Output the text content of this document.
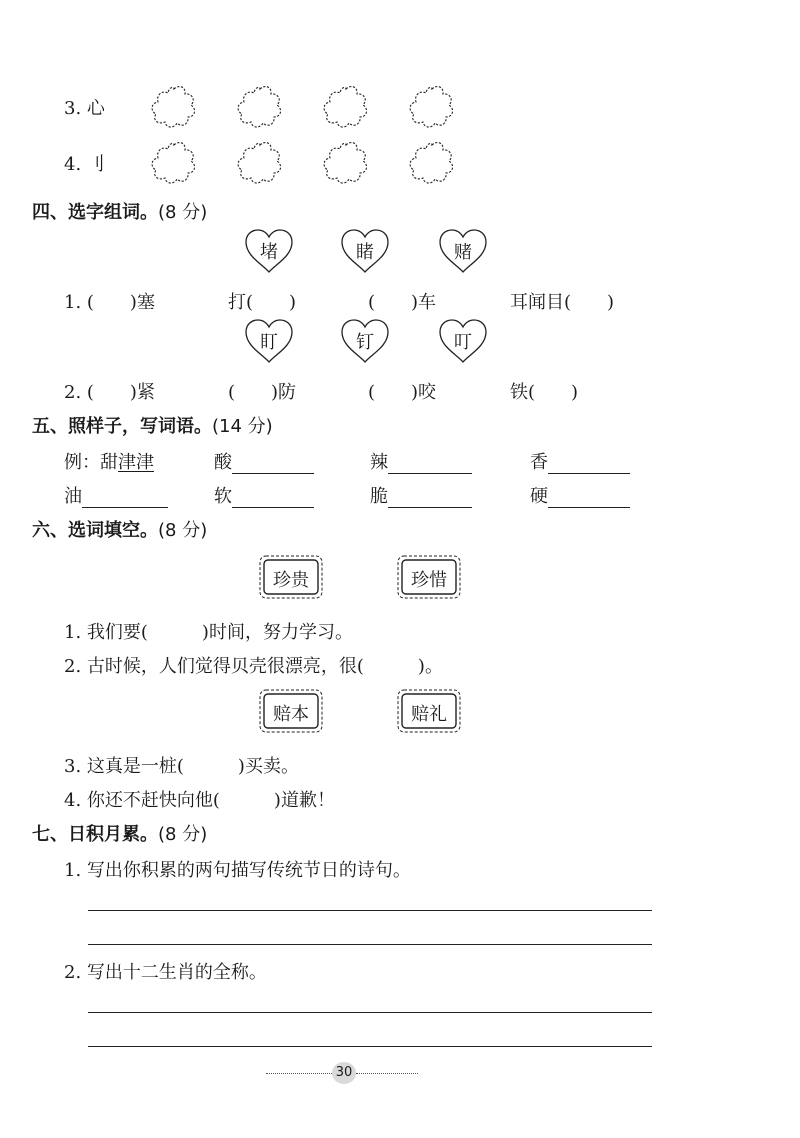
3. 心
4. 刂
四、选字组词。(8 分)
堵	睹	赌
1. (　　)塞	打(　　)	(　　)车	耳闻目(　　)
盯	钉	叮
2. (　　)紧	(　　)防	(　　)咬	铁(　　)
五、照样子，写词语。(14 分)
例：甜津津	酸	辣	香
油	软	脆	硬
六、选词填空。(8 分)
珍贵	珍惜
1. 我们要(　　　)时间，努力学习。
2. 古时候，人们觉得贝壳很漂亮，很(　　　)。
赔本	赔礼
3. 这真是一桩(　　　)买卖。
4. 你还不赶快向他(　　　)道歉！
七、日积月累。(8 分)
1. 写出你积累的两句描写传统节日的诗句。
2. 写出十二生肖的全称。
30
